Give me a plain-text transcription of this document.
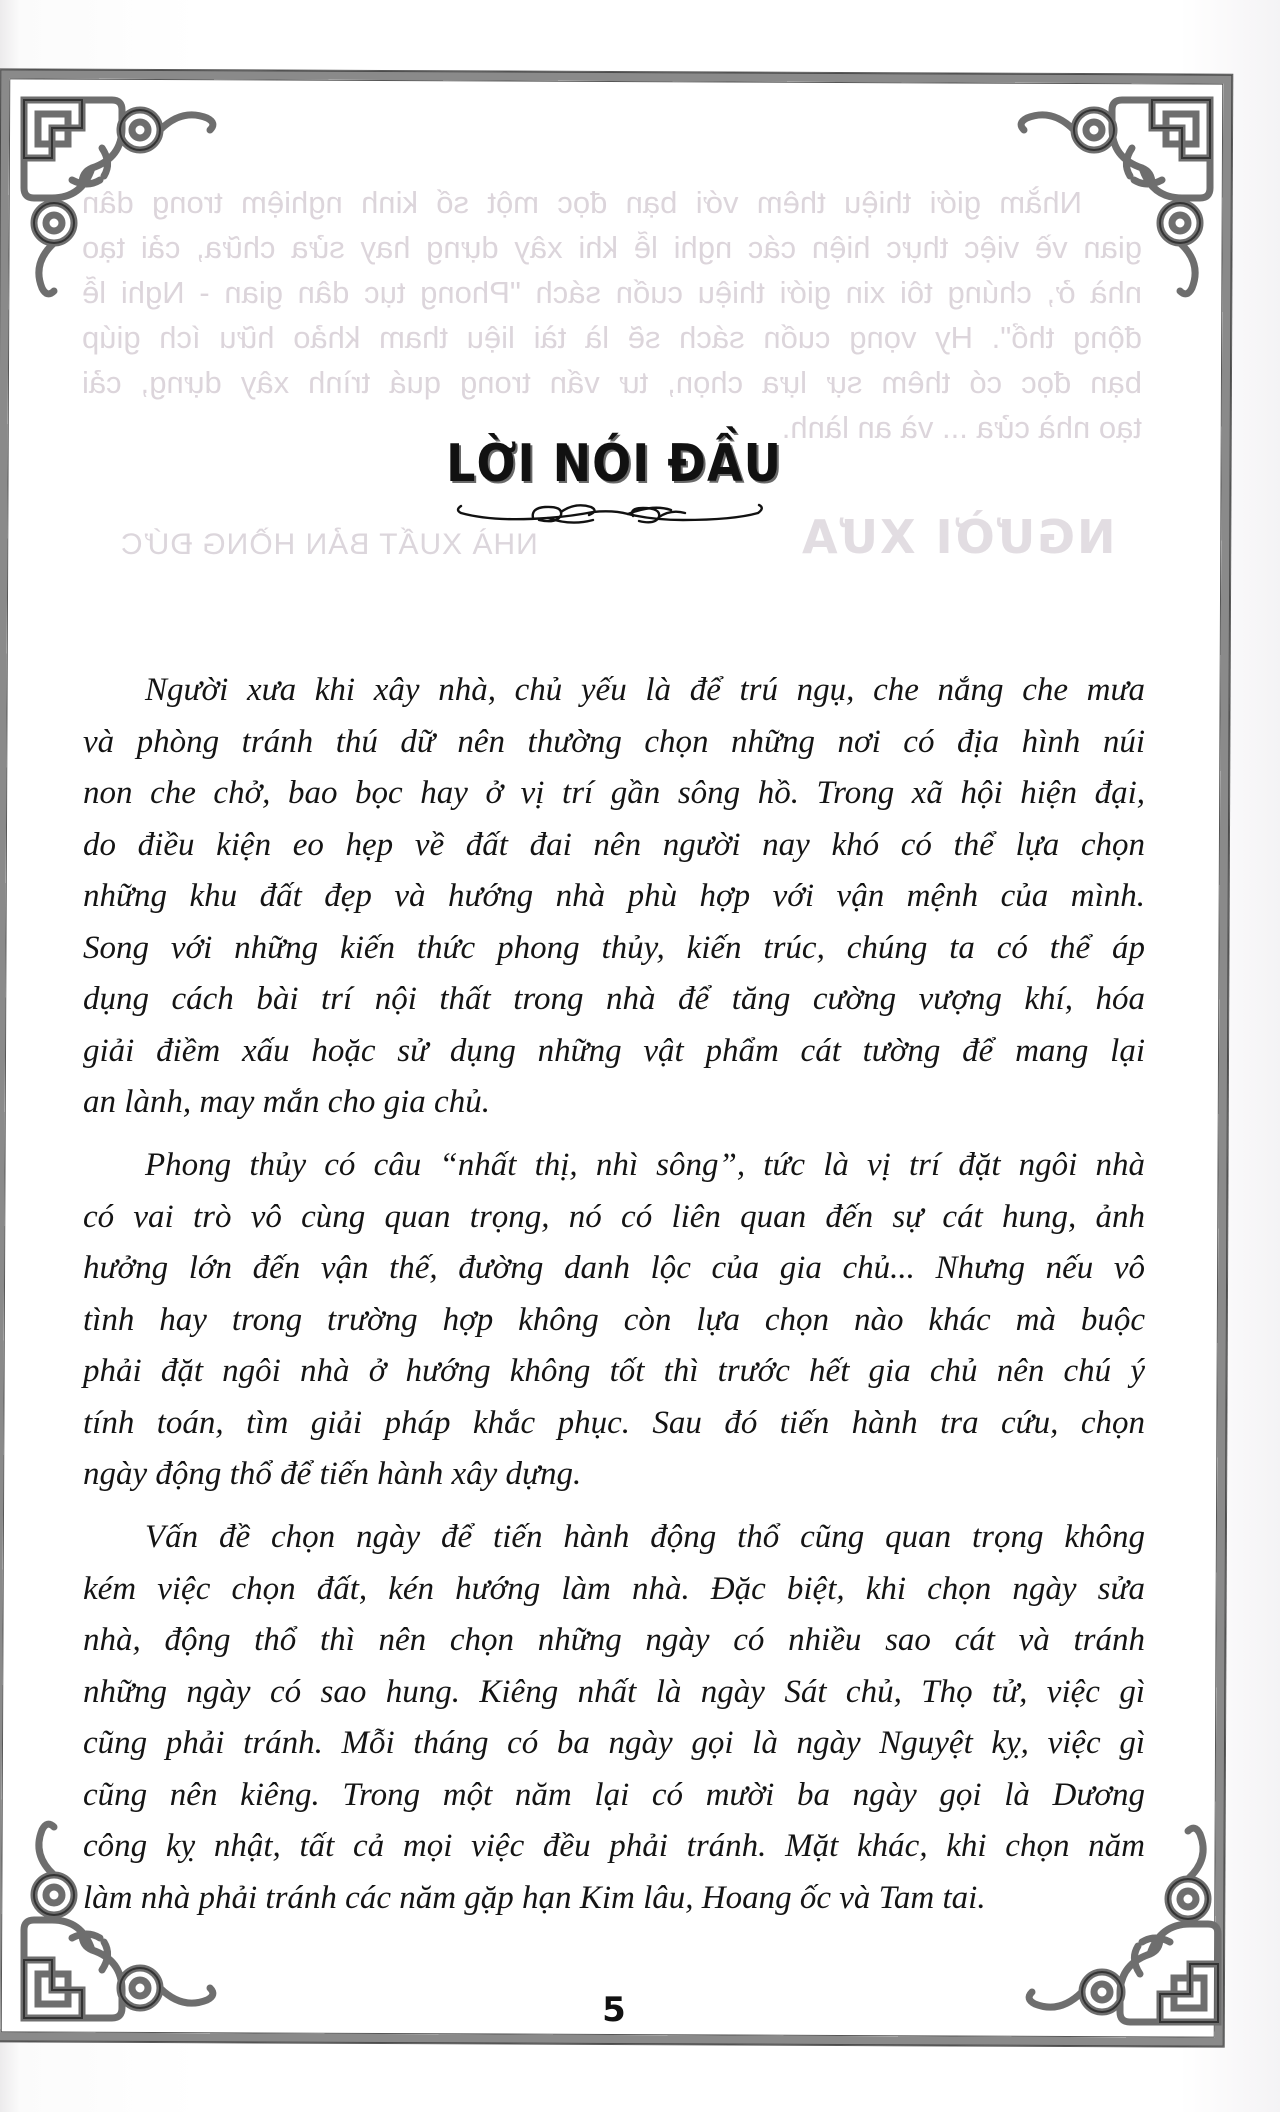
Nhằm giới thiệu thêm với bạn đọc một số kinh nghiệm trong dân
gian về việc thực hiện các nghi lễ khi xây dựng hay sửa chữa, cải tạo
nhà ở, chúng tôi xin giới thiệu cuốn sách "Phong tục dân gian - Nghi lễ
động thổ". Hy vọng cuốn sách sẽ là tài liệu tham khảo hữu ích giúp
bạn đọc có thêm sự lựa chọn, tư vấn trong quá trình xây dựng, cải
tạo nhà cửa ... và an lành.
NHÀ XUẤT BẢN HỒNG ĐỨC	NGƯỜI XƯA
LỜI NÓI ĐẦU
Người xưa khi xây nhà, chủ yếu là để trú ngụ, che nắng che mưa
và phòng tránh thú dữ nên thường chọn những nơi có địa hình núi
non che chở, bao bọc hay ở vị trí gần sông hồ. Trong xã hội hiện đại,
do điều kiện eo hẹp về đất đai nên người nay khó có thể lựa chọn
những khu đất đẹp và hướng nhà phù hợp với vận mệnh của mình.
Song với những kiến thức phong thủy, kiến trúc, chúng ta có thể áp
dụng cách bài trí nội thất trong nhà để tăng cường vượng khí, hóa
giải điềm xấu hoặc sử dụng những vật phẩm cát tường để mang lại
an lành, may mắn cho gia chủ.
Phong thủy có câu “nhất thị, nhì sông”, tức là vị trí đặt ngôi nhà
có vai trò vô cùng quan trọng, nó có liên quan đến sự cát hung, ảnh
hưởng lớn đến vận thế, đường danh lộc của gia chủ... Nhưng nếu vô
tình hay trong trường hợp không còn lựa chọn nào khác mà buộc
phải đặt ngôi nhà ở hướng không tốt thì trước hết gia chủ nên chú ý
tính toán, tìm giải pháp khắc phục. Sau đó tiến hành tra cứu, chọn
ngày động thổ để tiến hành xây dựng.
Vấn đề chọn ngày để tiến hành động thổ cũng quan trọng không
kém việc chọn đất, kén hướng làm nhà. Đặc biệt, khi chọn ngày sửa
nhà, động thổ thì nên chọn những ngày có nhiều sao cát và tránh
những ngày có sao hung. Kiêng nhất là ngày Sát chủ, Thọ tử, việc gì
cũng phải tránh. Mỗi tháng có ba ngày gọi là ngày Nguyệt kỵ, việc gì
cũng nên kiêng. Trong một năm lại có mười ba ngày gọi là Dương
công kỵ nhật, tất cả mọi việc đều phải tránh. Mặt khác, khi chọn năm
làm nhà phải tránh các năm gặp hạn Kim lâu, Hoang ốc và Tam tai.
5
